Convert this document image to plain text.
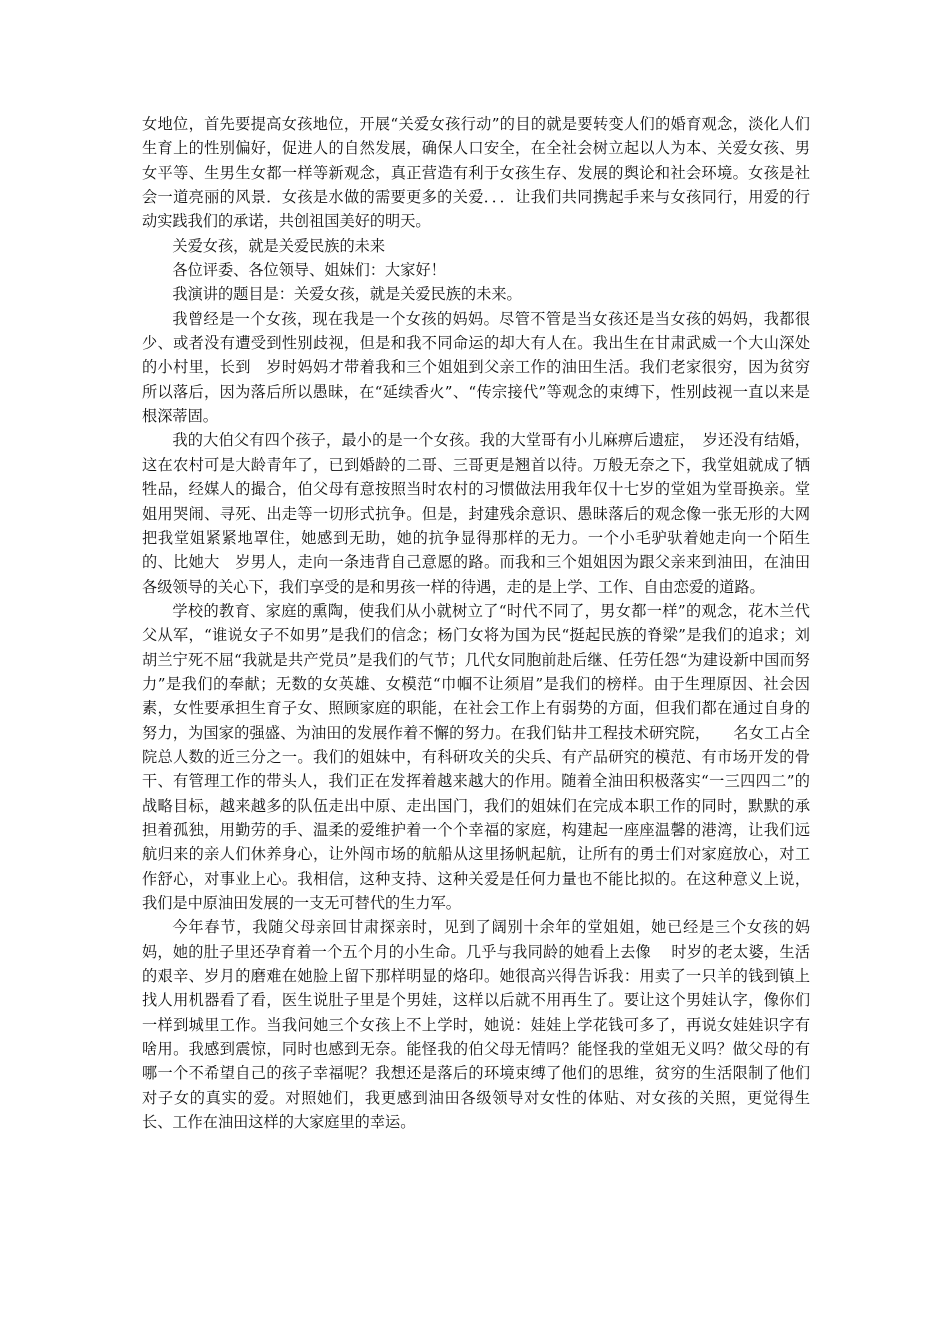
女地位，首先要提高女孩地位，开展“关爱女孩行动”的目的就是要转变人们的婚育观念，淡化人们生育上的性别偏好，促进人的自然发展，确保人口安全，在全社会树立起以人为本、关爱女孩、男女平等、生男生女都一样等新观念，真正营造有利于女孩生存、发展的舆论和社会环境。女孩是社会一道亮丽的风景．女孩是水做的需要更多的关爱．．．让我们共同携起手来与女孩同行，用爱的行动实践我们的承诺，共创祖国美好的明天。

关爱女孩，就是关爱民族的未来

各位评委、各位领导、姐妹们：大家好！

我演讲的题目是：关爱女孩，就是关爱民族的未来。

我曾经是一个女孩，现在我是一个女孩的妈妈。尽管不管是当女孩还是当女孩的妈妈，我都很少、或者没有遭受到性别歧视，但是和我不同命运的却大有人在。我出生在甘肃武威一个大山深处的小村里，长到　岁时妈妈才带着我和三个姐姐到父亲工作的油田生活。我们老家很穷，因为贫穷所以落后，因为落后所以愚昧，在“延续香火”、“传宗接代”等观念的束缚下，性别歧视一直以来是根深蒂固。

我的大伯父有四个孩子，最小的是一个女孩。我的大堂哥有小儿麻痹后遗症，　岁还没有结婚，这在农村可是大龄青年了，已到婚龄的二哥、三哥更是翘首以待。万般无奈之下，我堂姐就成了牺牲品，经媒人的撮合，伯父母有意按照当时农村的习惯做法用我年仅十七岁的堂姐为堂哥换亲。堂姐用哭闹、寻死、出走等一切形式抗争。但是，封建残余意识、愚昧落后的观念像一张无形的大网把我堂姐紧紧地罩住，她感到无助，她的抗争显得那样的无力。一个小毛驴驮着她走向一个陌生的、比她大　岁男人，走向一条违背自己意愿的路。而我和三个姐姐因为跟父亲来到油田，在油田各级领导的关心下，我们享受的是和男孩一样的待遇，走的是上学、工作、自由恋爱的道路。

学校的教育、家庭的熏陶，使我们从小就树立了“时代不同了，男女都一样”的观念，花木兰代父从军，“谁说女子不如男”是我们的信念；杨门女将为国为民“挺起民族的脊梁”是我们的追求；刘胡兰宁死不屈“我就是共产党员”是我们的气节；几代女同胞前赴后继、任劳任怨“为建设新中国而努力”是我们的奉献；无数的女英雄、女模范“巾帼不让须眉”是我们的榜样。由于生理原因、社会因素，女性要承担生育子女、照顾家庭的职能，在社会工作上有弱势的方面，但我们都在通过自身的努力，为国家的强盛、为油田的发展作着不懈的努力。在我们钻井工程技术研究院，　　名女工占全院总人数的近三分之一。我们的姐妹中，有科研攻关的尖兵、有产品研究的模范、有市场开发的骨干、有管理工作的带头人，我们正在发挥着越来越大的作用。随着全油田积极落实“一三四四二”的战略目标，越来越多的队伍走出中原、走出国门，我们的姐妹们在完成本职工作的同时，默默的承担着孤独，用勤劳的手、温柔的爱维护着一个个幸福的家庭，构建起一座座温馨的港湾，让我们远航归来的亲人们休养身心，让外闯市场的航船从这里扬帆起航，让所有的勇士们对家庭放心，对工作舒心，对事业上心。我相信，这种支持、这种关爱是任何力量也不能比拟的。在这种意义上说，我们是中原油田发展的一支无可替代的生力军。

今年春节，我随父母亲回甘肃探亲时，见到了阔别十余年的堂姐姐，她已经是三个女孩的妈妈，她的肚子里还孕育着一个五个月的小生命。几乎与我同龄的她看上去像　 时岁的老太婆，生活的艰辛、岁月的磨难在她脸上留下那样明显的烙印。她很高兴得告诉我：用卖了一只羊的钱到镇上找人用机器看了看，医生说肚子里是个男娃，这样以后就不用再生了。要让这个男娃认字，像你们一样到城里工作。当我问她三个女孩上不上学时，她说：娃娃上学花钱可多了，再说女娃娃识字有啥用。我感到震惊，同时也感到无奈。能怪我的伯父母无情吗？能怪我的堂姐无义吗？做父母的有哪一个不希望自己的孩子幸福呢？我想还是落后的环境束缚了他们的思维，贫穷的生活限制了他们对子女的真实的爱。对照她们，我更感到油田各级领导对女性的体贴、对女孩的关照，更觉得生长、工作在油田这样的大家庭里的幸运。
